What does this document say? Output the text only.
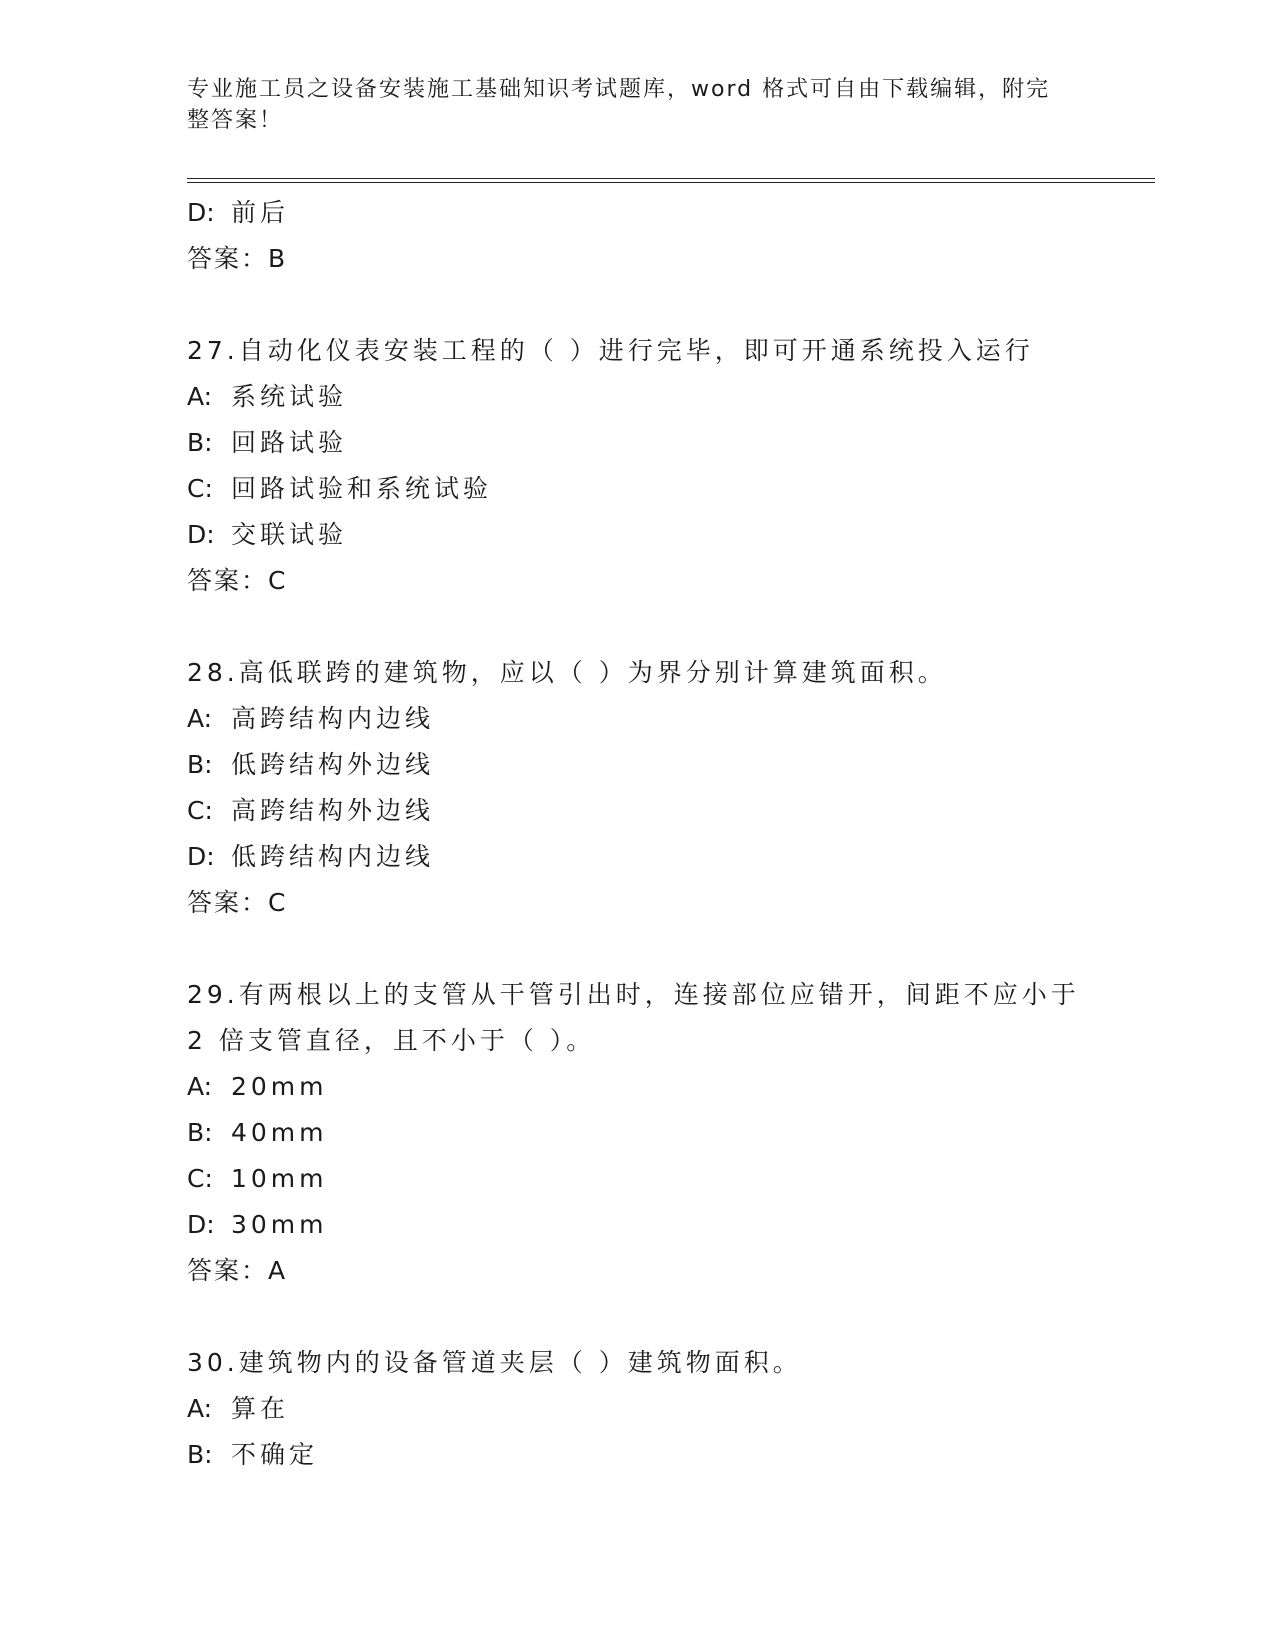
专业施工员之设备安装施工基础知识考试题库，word 格式可自由下载编辑，附完整答案！
D: 前后
答案：B
27.自动化仪表安装工程的（ ）进行完毕，即可开通系统投入运行
A: 系统试验
B: 回路试验
C: 回路试验和系统试验
D: 交联试验
答案：C
28.高低联跨的建筑物，应以（ ）为界分别计算建筑面积。
A: 高跨结构内边线
B: 低跨结构外边线
C: 高跨结构外边线
D: 低跨结构内边线
答案：C
29.有两根以上的支管从干管引出时，连接部位应错开，间距不应小于
2 倍支管直径，且不小于（ ）。
A: 20mm
B: 40mm
C: 10mm
D: 30mm
答案：A
30.建筑物内的设备管道夹层（ ）建筑物面积。
A: 算在
B: 不确定
